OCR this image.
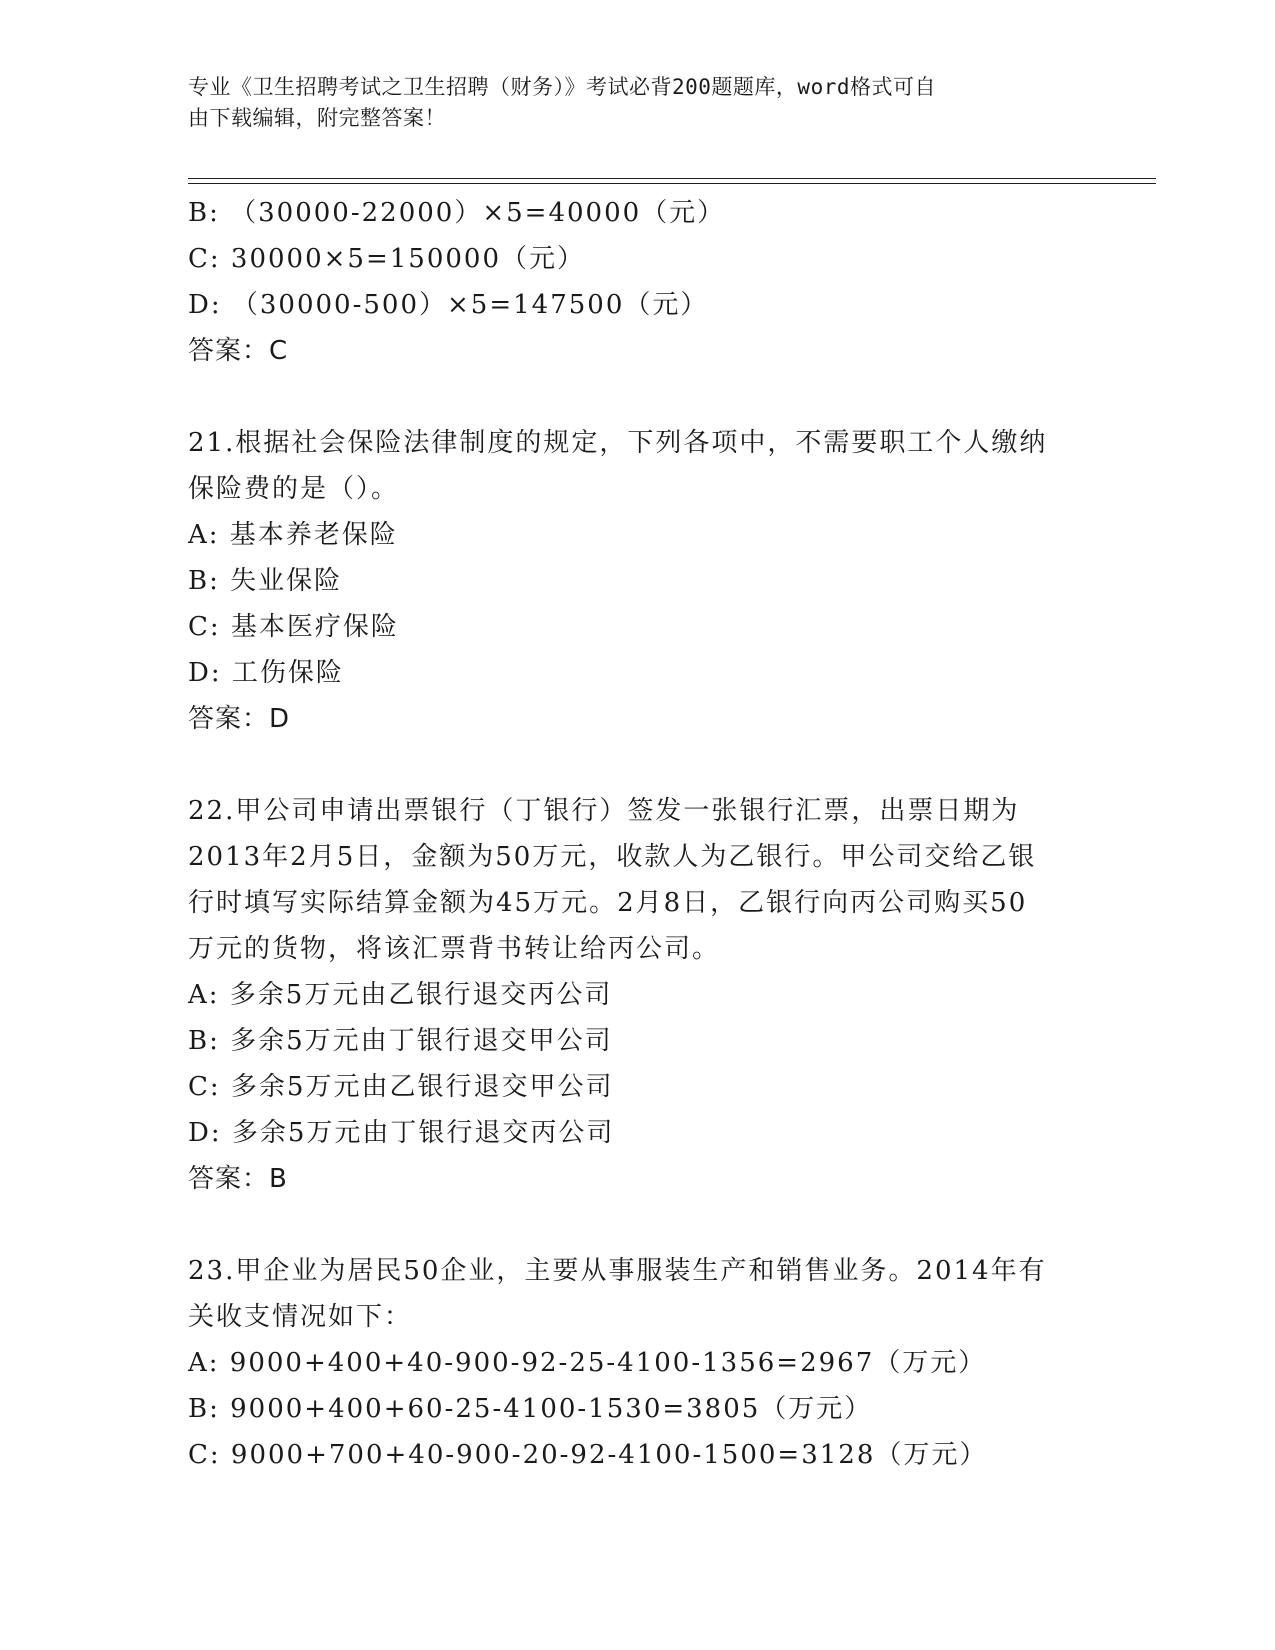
专业《卫生招聘考试之卫生招聘（财务）》考试必背200题题库，word格式可自
由下载编辑，附完整答案！
B: （30000-22000）×5=40000（元）
C: 30000×5=150000（元）
D: （30000-500）×5=147500（元）
答案：C
21.根据社会保险法律制度的规定，下列各项中，不需要职工个人缴纳
保险费的是（）。
A: 基本养老保险
B: 失业保险
C: 基本医疗保险
D: 工伤保险
答案：D
22.甲公司申请出票银行（丁银行）签发一张银行汇票，出票日期为
2013年2月5日，金额为50万元，收款人为乙银行。甲公司交给乙银
行时填写实际结算金额为45万元。2月8日，乙银行向丙公司购买50
万元的货物，将该汇票背书转让给丙公司。
A: 多余5万元由乙银行退交丙公司
B: 多余5万元由丁银行退交甲公司
C: 多余5万元由乙银行退交甲公司
D: 多余5万元由丁银行退交丙公司
答案：B
23.甲企业为居民50企业，主要从事服装生产和销售业务。2014年有
关收支情况如下：
A: 9000+400+40-900-92-25-4100-1356=2967（万元）
B: 9000+400+60-25-4100-1530=3805（万元）
C: 9000+700+40-900-20-92-4100-1500=3128（万元）
